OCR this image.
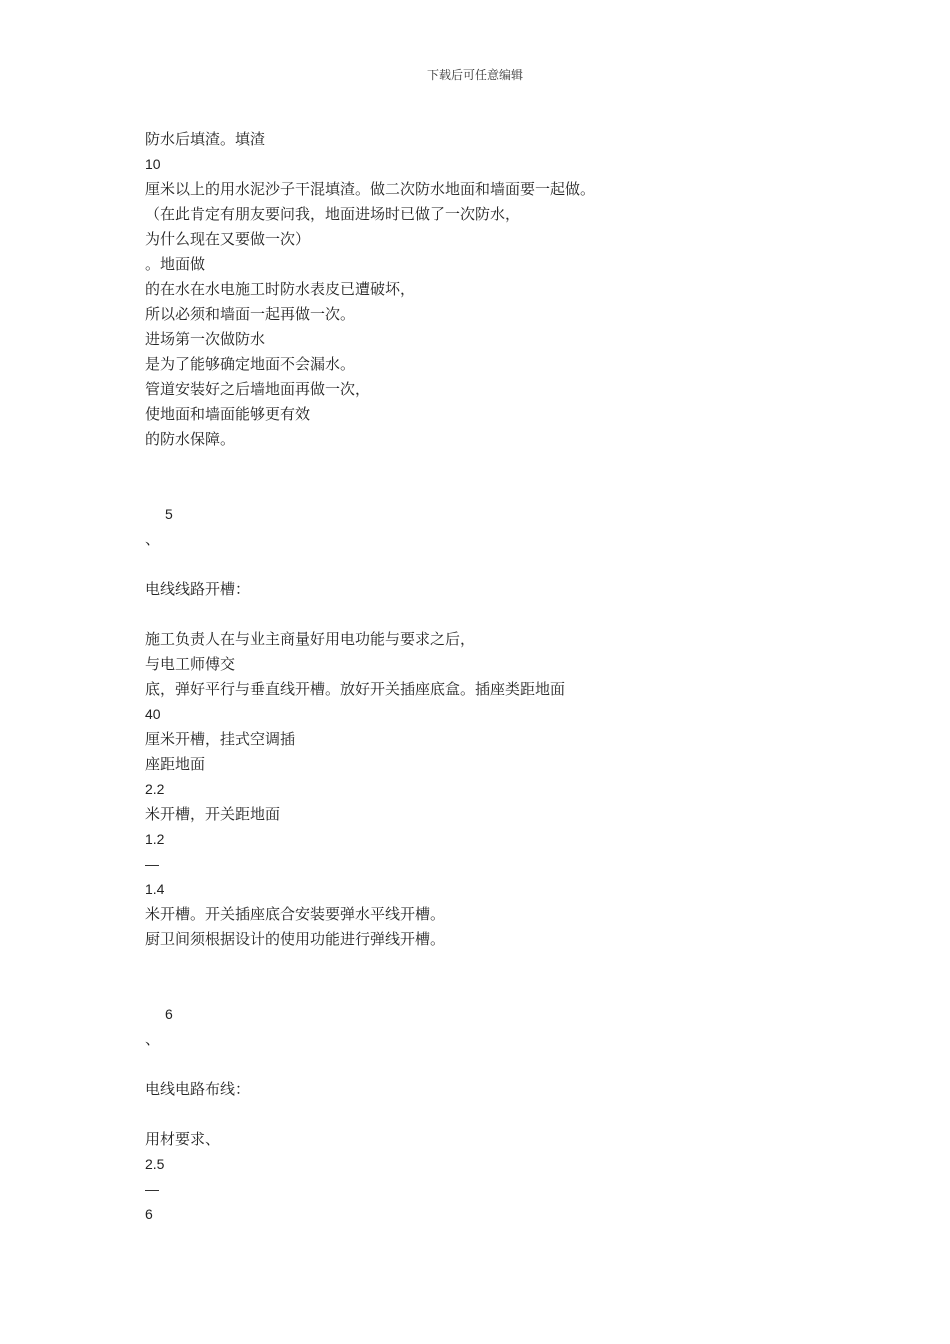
下载后可任意编辑
防水后填渣。填渣
10
厘米以上的用水泥沙子干混填渣。做二次防水地面和墙面要一起做。
（在此肯定有朋友要问我，地面进场时已做了一次防水，
为什么现在又要做一次）
。地面做
的在水在水电施工时防水表皮已遭破坏，
所以必须和墙面一起再做一次。
进场第一次做防水
是为了能够确定地面不会漏水。
管道安装好之后墙地面再做一次，
使地面和墙面能够更有效
的防水保障。
5
、
电线线路开槽：
施工负责人在与业主商量好用电功能与要求之后，
与电工师傅交
底，弹好平行与垂直线开槽。放好开关插座底盒。插座类距地面
40
厘米开槽，挂式空调插
座距地面
2.2
米开槽，开关距地面
1.2
—
1.4
米开槽。开关插座底合安装要弹水平线开槽。
厨卫间须根据设计的使用功能进行弹线开槽。
6
、
电线电路布线：
用材要求、
2.5
—
6
